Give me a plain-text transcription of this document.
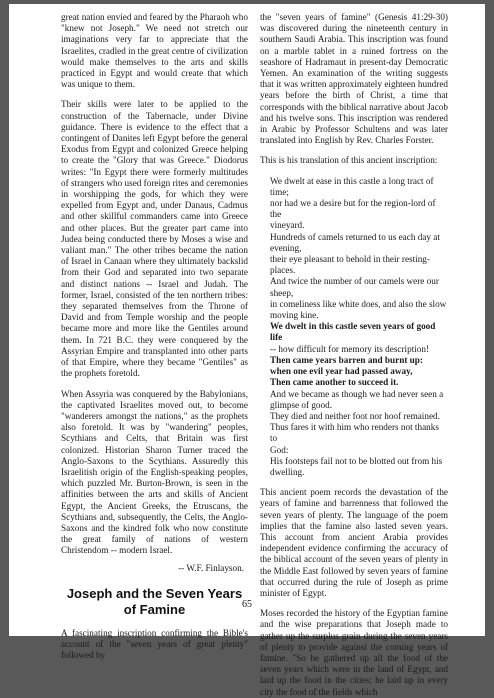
great nation envied and feared by the Pharaoh who "knew not Joseph." We need not stretch our imaginations very far to appreciate that the Israelites, cradled in the great centre of civilization would make themselves to the arts and skills practiced in Egypt and would create that which was unique to them.

Their skills were later to be applied to the construction of the Tabernacle, under Divine guidance. There is evidence to the effect that a contingent of Danites left Egypt before the general Exodus from Egypt and colonized Greece helping to create the "Glory that was Greece." Diodorus writes: "In Egypt there were formerly multitudes of strangers who used foreign rites and ceremonies in worshipping the gods, for which they were expelled from Egypt and, under Danaus, Cadmus and other skillful commanders came into Greece and other places. But the greater part came into Judea being conducted there by Moses a wise and valiant man." The other tribes became the nation of Israel in Canaan where they ultimately backslid from their God and separated into two separate and distinct nations -- Israel and Judah. The former, Israel, consisted of the ten northern tribes: they separated themselves from the Throne of David and from Temple worship and the people became more and more like the Gentiles around them. In 721 B.C. they were conquered by the Assyrian Empire and transplanted into other parts of that Empire, where they became "Gentiles" as the prophets foretold.

When Assyria was conquered by the Babylonians, the captivated Israelites moved out, to become "wanderers amongst the nations," as the prophets also foretold. It was by "wandering" peoples, Scythians and Celts, that Britain was first colonized. Historian Sharon Turner traced the Anglo-Saxons to the Scythians. Assuredly this Israelitish origin of the English-speaking peoples, which puzzled Mr. Burton-Brown, is seen in the affinities between the arts and skills of Ancient Egypt, the Ancient Greeks, the Etruscans, the Scythians and, subsequently, the Celts, the Anglo-Saxons and the kindred folk who now constitute the great family of nations of western Christendom -- modern Israel.

-- W.F. Finlayson.
Joseph and the Seven Years of Famine

A fascinating inscription confirming the Bible's account of the "seven years of great plenty" followed by

the "seven years of famine" (Genesis 41:29-30) was discovered during the nineteenth century in southern Saudi Arabia. This inscription was found on a marble tablet in a ruined fortress on the seashore of Hadramaut in present-day Democratic Yemen. An examination of the writing suggests that it was written approximately eighteen hundred years before the birth of Christ, a time that corresponds with the biblical narrative about Jacob and his twelve sons. This inscription was rendered in Arabic by Professor Schultens and was later translated into English by Rev. Charles Forster.

This is his translation of this ancient inscription:

We dwelt at ease in this castle a long tract of time;
nor had we a desire but for the region-lord of the
vineyard.
Hundreds of camels returned to us each day at
evening,
their eye pleasant to behold in their resting-places.
And twice the number of our camels were our sheep,
in comeliness like white does, and also the slow
moving kine.
We dwelt in this castle seven years of good life
-- how difficult for memory its description!
Then came years barren and burnt up:
when one evil year had passed away,
Then came another to succeed it.
And we became as though we had never seen a
glimpse of good.
They died and neither foot nor hoof remained.
Thus fares it with him who renders not thanks to
God:
His footsteps fail not to be blotted out from his
dwelling.

This ancient poem records the devastation of the years of famine and barrenness that followed the seven years of plenty. The language of the poem implies that the famine also lasted seven years. This account from ancient Arabia provides independent evidence confirming the accuracy of the biblical account of the seven years of plenty in the Middle East followed by seven years of famine that occurred during the rule of Joseph as prime minister of Egypt.

Moses recorded the history of the Egyptian famine and the wise preparations that Joseph made to gather up the surplus grain during the seven years of plenty to provide against the coming years of famine. "So he gathered up all the food of the seven years which were in the land of Egypt, and laid up the food in the cities; he laid up in every city the food of the fields which

65
